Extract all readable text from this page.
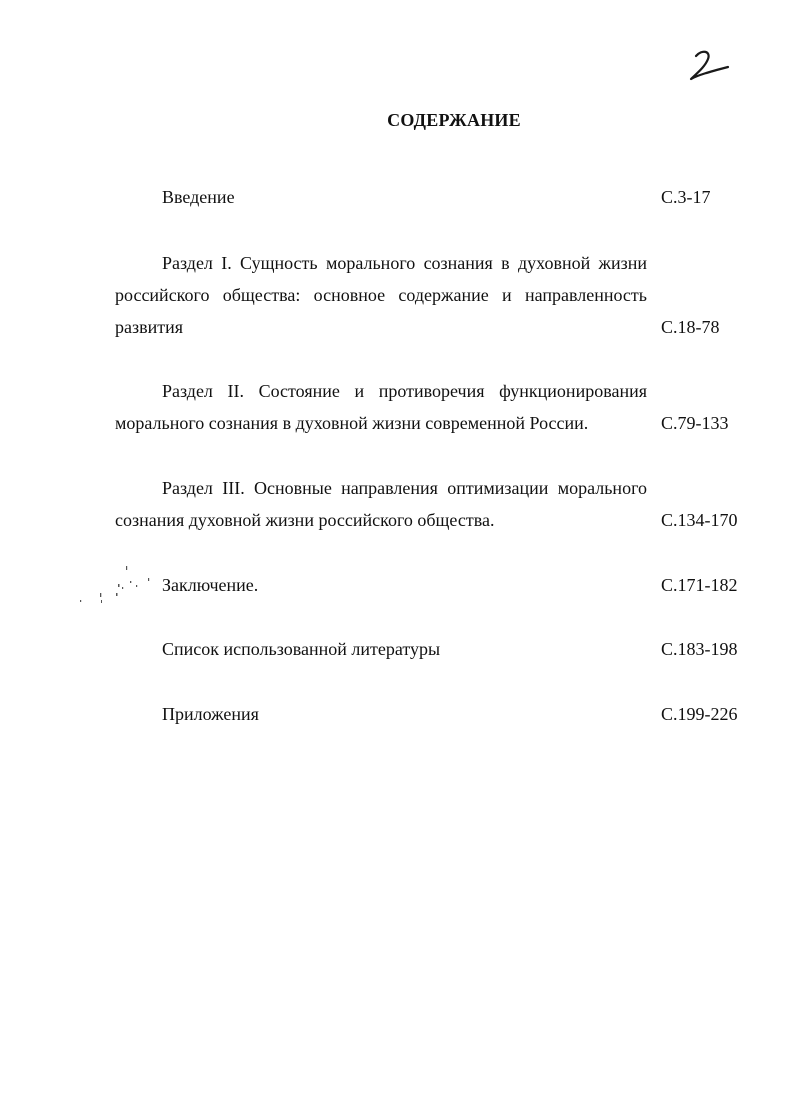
СОДЕРЖАНИЕ
Введение	С.3-17
Раздел I. Сущность морального сознания в духовной жизни российского общества: основное содержание и направленность развития	С.18-78
Раздел II. Состояние и противоречия функционирования морального сознания в духовной жизни современной России.	С.79-133
Раздел III. Основные направления оптимизации морального сознания духовной жизни российского общества.	С.134-170
Заключение.	С.171-182
Список использованной литературы	С.183-198
Приложения	С.199-226
